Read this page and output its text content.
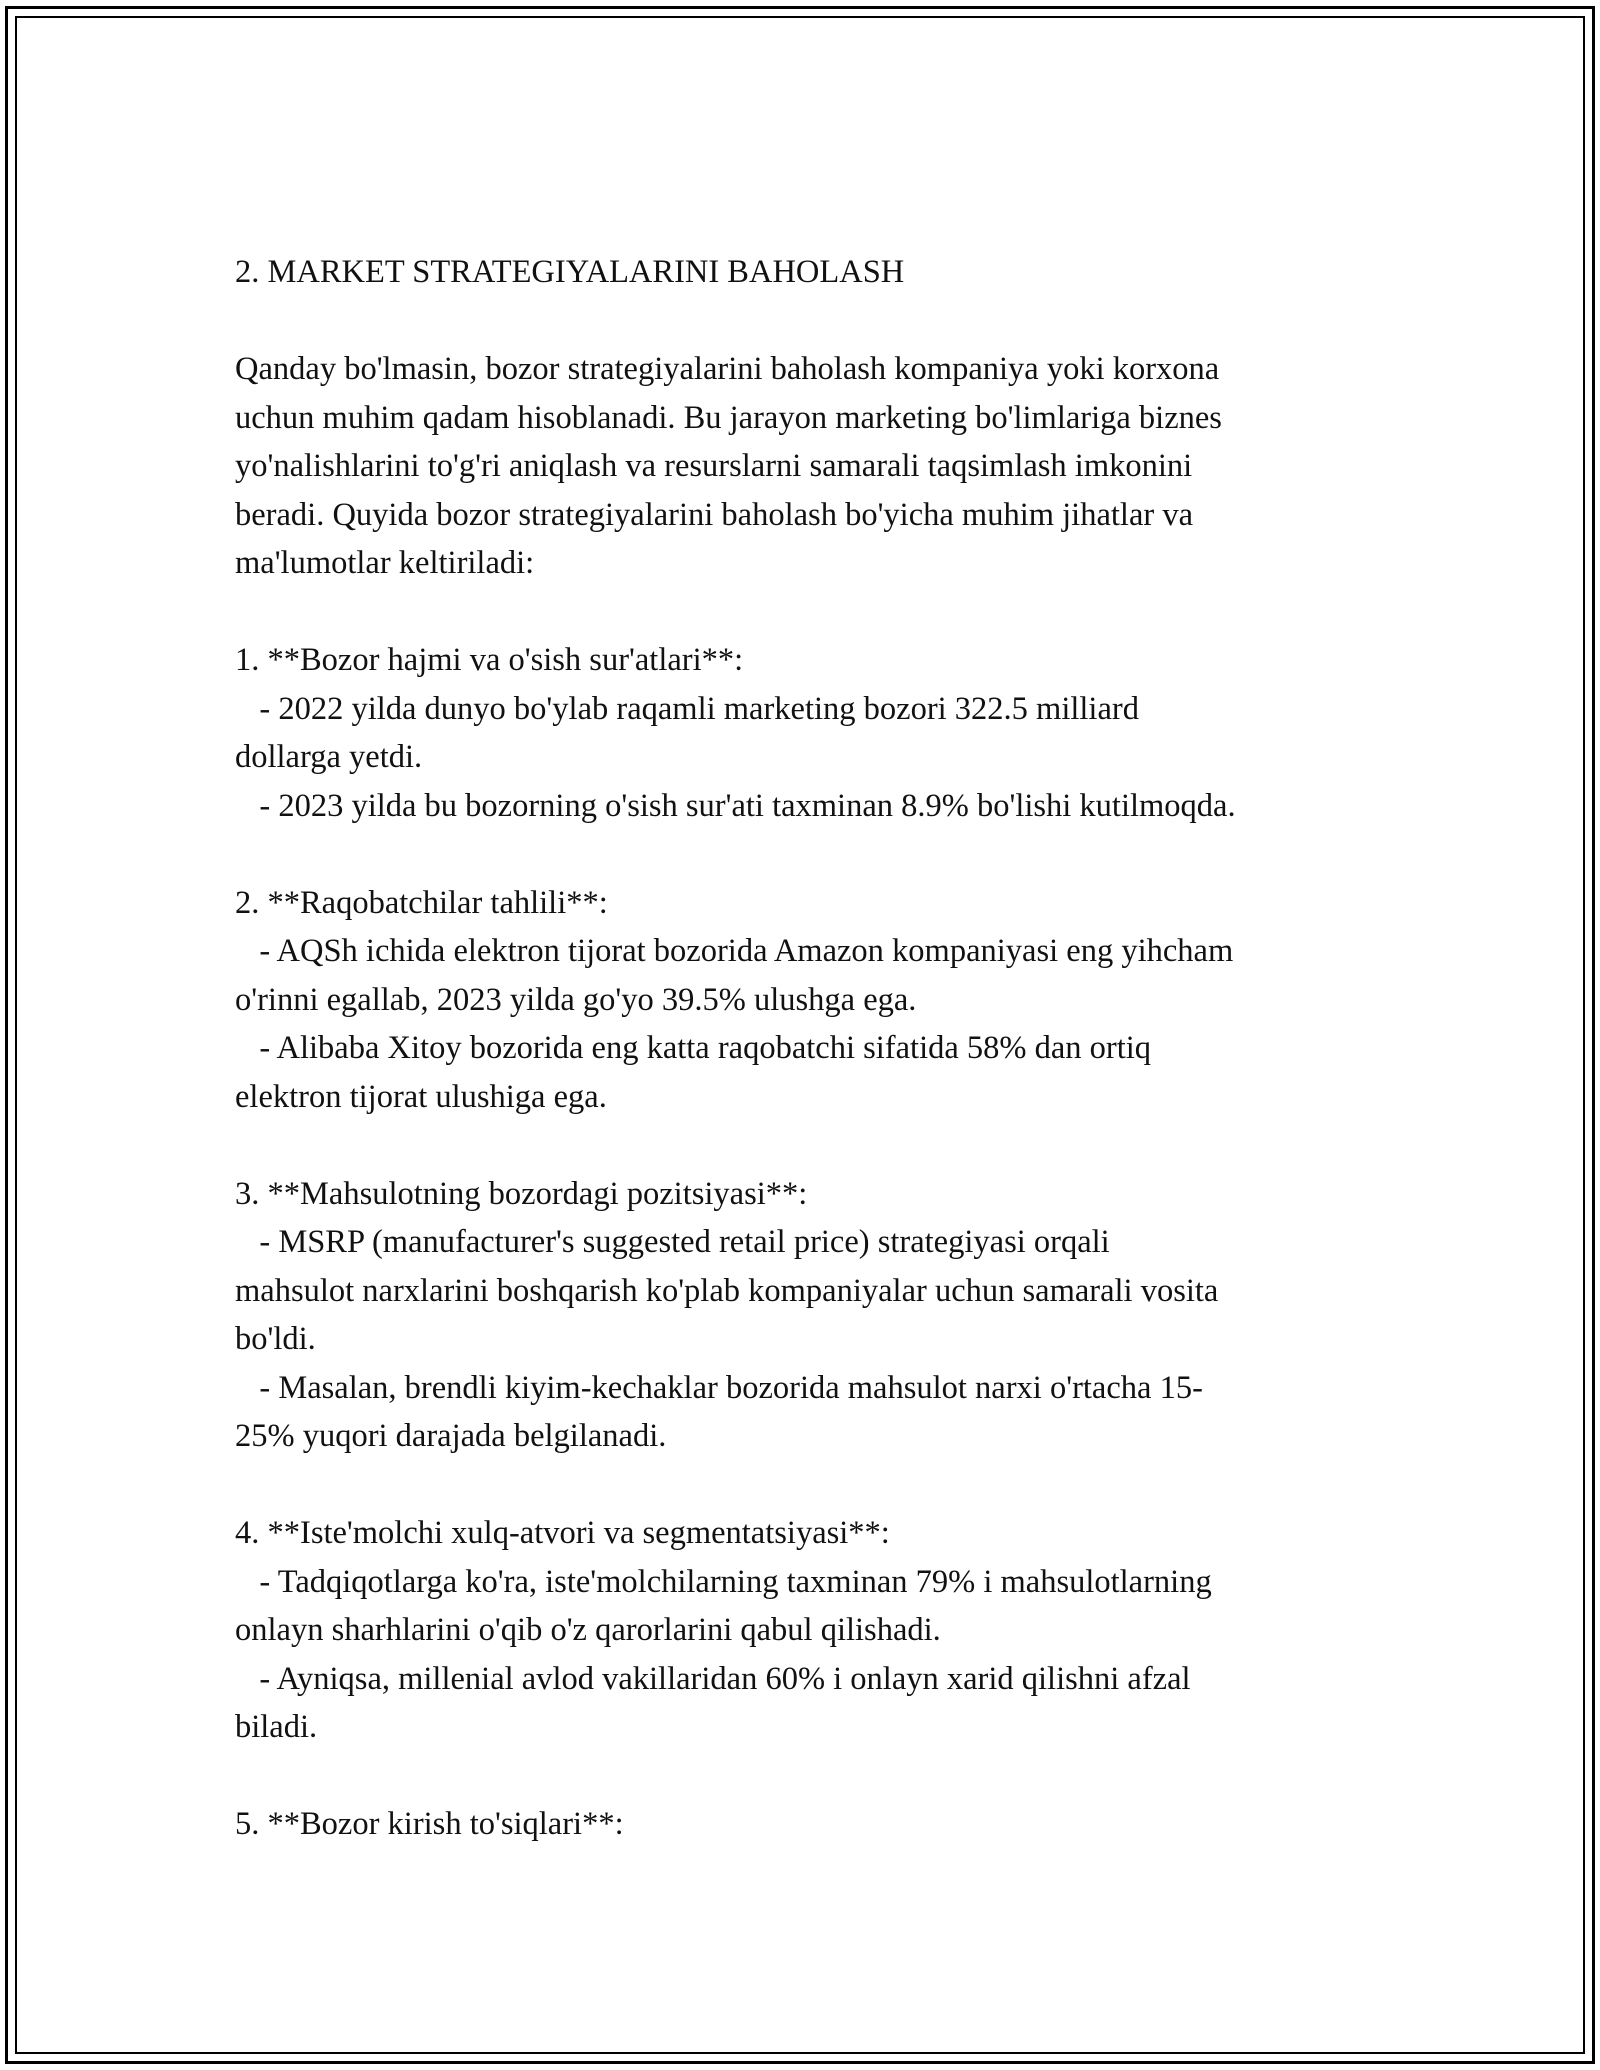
2. MARKET STRATEGIYALARINI BAHOLASH
Qanday bo'lmasin, bozor strategiyalarini baholash kompaniya yoki korxona
uchun muhim qadam hisoblanadi. Bu jarayon marketing bo'limlariga biznes
yo'nalishlarini to'g'ri aniqlash va resurslarni samarali taqsimlash imkonini
beradi. Quyida bozor strategiyalarini baholash bo'yicha muhim jihatlar va
ma'lumotlar keltiriladi:
1. **Bozor hajmi va o'sish sur'atlari**:
- 2022 yilda dunyo bo'ylab raqamli marketing bozori 322.5 milliard
dollarga yetdi.
- 2023 yilda bu bozorning o'sish sur'ati taxminan 8.9% bo'lishi kutilmoqda.
2. **Raqobatchilar tahlili**:
- AQSh ichida elektron tijorat bozorida Amazon kompaniyasi eng yihcham
o'rinni egallab, 2023 yilda go'yo 39.5% ulushga ega.
- Alibaba Xitoy bozorida eng katta raqobatchi sifatida 58% dan ortiq
elektron tijorat ulushiga ega.
3. **Mahsulotning bozordagi pozitsiyasi**:
- MSRP (manufacturer's suggested retail price) strategiyasi orqali
mahsulot narxlarini boshqarish ko'plab kompaniyalar uchun samarali vosita
bo'ldi.
- Masalan, brendli kiyim-kechaklar bozorida mahsulot narxi o'rtacha 15-
25% yuqori darajada belgilanadi.
4. **Iste'molchi xulq-atvori va segmentatsiyasi**:
- Tadqiqotlarga ko'ra, iste'molchilarning taxminan 79% i mahsulotlarning
onlayn sharhlarini o'qib o'z qarorlarini qabul qilishadi.
- Ayniqsa, millenial avlod vakillaridan 60% i onlayn xarid qilishni afzal
biladi.
5. **Bozor kirish to'siqlari**:
